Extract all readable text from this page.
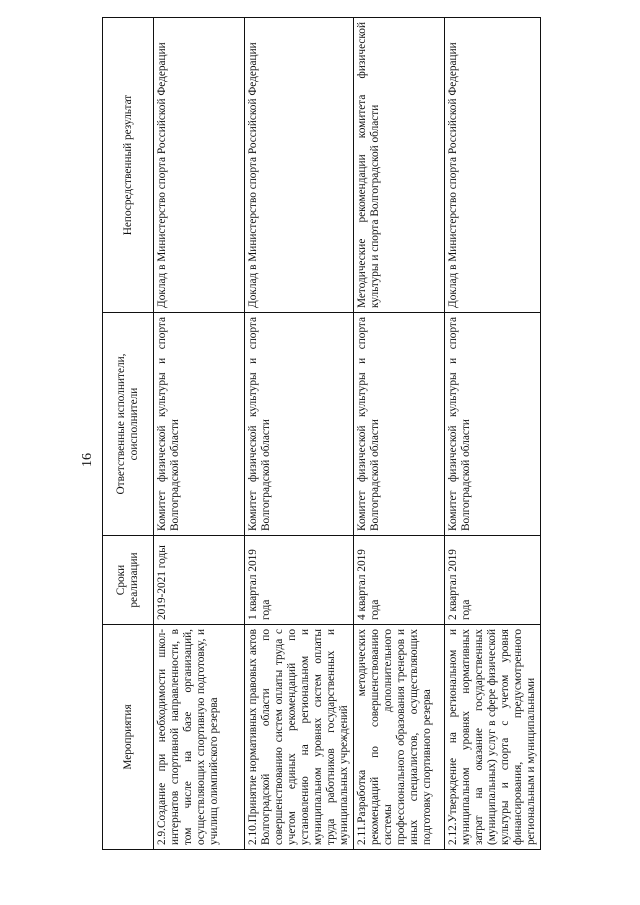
16
Мероприятия	Сроки реализации	Ответственные исполнители, соисполнители	Непосредственный результат
2.9.Создание при необходимости школ-интернатов спортивной направленности, в том числе на базе организаций, осуществляющих спортивную подготовку, и училищ олимпийского резерва	2019-2021 годы	Комитет физической культуры и спорта Волгоградской области	Доклад в Министерство спорта Российской Федерации
2.10.Принятие нормативных правовых актов Волгоградской области по совершенствованию систем оплаты труда с учетом единых рекомендаций по установлению на региональном и муниципальном уровнях систем оплаты труда работников государственных и муниципальных учреждений	1 квартал 2019 года	Комитет физической культуры и спорта Волгоградской области	Доклад в Министерство спорта Российской Федерации
2.11.Разработка методических рекомендаций по совершенствованию системы дополнительного профессионального образования тренеров и иных специалистов, осуществляющих подготовку спортивного резерва	4 квартал 2019 года	Комитет физической культуры и спорта Волгоградской области	Методические рекомендации комитета физической культуры и спорта Волгоградской области
2.12.Утверждение на региональном и муниципальном уровнях нормативных затрат на оказание государственных (муниципальных) услуг в сфере физической культуры и спорта с учетом уровня финансирования, предусмотренного региональным и муниципальными	2 квартал 2019 года	Комитет физической культуры и спорта Волгоградской области	Доклад в Министерство спорта Российской Федерации
